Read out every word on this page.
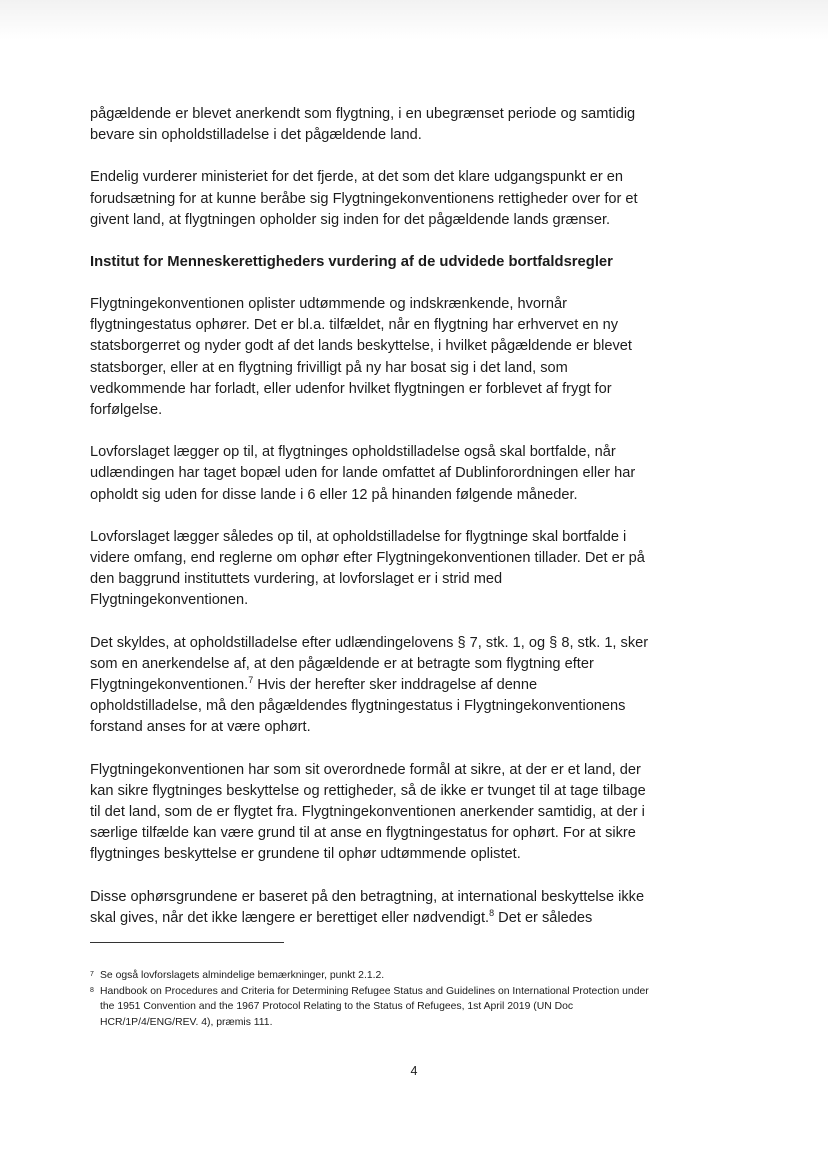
pågældende er blevet anerkendt som flygtning, i en ubegrænset periode og samtidig bevare sin opholdstilladelse i det pågældende land.

Endelig vurderer ministeriet for det fjerde, at det som det klare udgangspunkt er en forudsætning for at kunne beråbe sig Flygtningekonventionens rettigheder over for et givent land, at flygtningen opholder sig inden for det pågældende lands grænser.

Institut for Menneskerettigheders vurdering af de udvidede bortfaldsregler

Flygtningekonventionen oplister udtømmende og indskrænkende, hvornår flygtningestatus ophører. Det er bl.a. tilfældet, når en flygtning har erhvervet en ny statsborgerret og nyder godt af det lands beskyttelse, i hvilket pågældende er blevet statsborger, eller at en flygtning frivilligt på ny har bosat sig i det land, som vedkommende har forladt, eller udenfor hvilket flygtningen er forblevet af frygt for forfølgelse.

Lovforslaget lægger op til, at flygtninges opholdstilladelse også skal bortfalde, når udlændingen har taget bopæl uden for lande omfattet af Dublinforordningen eller har opholdt sig uden for disse lande i 6 eller 12 på hinanden følgende måneder.

Lovforslaget lægger således op til, at opholdstilladelse for flygtninge skal bortfalde i videre omfang, end reglerne om ophør efter Flygtningekonventionen tillader. Det er på den baggrund instituttets vurdering, at lovforslaget er i strid med Flygtningekonventionen.

Det skyldes, at opholdstilladelse efter udlændingelovens § 7, stk. 1, og § 8, stk. 1, sker som en anerkendelse af, at den pågældende er at betragte som flygtning efter Flygtningekonventionen.$^7$ Hvis der herefter sker inddragelse af denne opholdstilladelse, må den pågældendes flygtningestatus i Flygtningekonventionens forstand anses for at være ophørt.

Flygtningekonventionen har som sit overordnede formål at sikre, at der er et land, der kan sikre flygtninges beskyttelse og rettigheder, så de ikke er tvunget til at tage tilbage til det land, som de er flygtet fra. Flygtningekonventionen anerkender samtidig, at der i særlige tilfælde kan være grund til at anse en flygtningestatus for ophørt. For at sikre flygtninges beskyttelse er grundene til ophør udtømmende oplistet.

Disse ophørsgrundene er baseret på den betragtning, at international beskyttelse ikke skal gives, når det ikke længere er berettiget eller nødvendigt.$^8$ Det er således

7 Se også lovforslagets almindelige bemærkninger, punkt 2.1.2.

8 Handbook on Procedures and Criteria for Determining Refugee Status and Guidelines on International Protection under the 1951 Convention and the 1967 Protocol Relating to the Status of Refugees, 1st April 2019 (UN Doc HCR/1P/4/ENG/REV. 4), præmis 111.

4
